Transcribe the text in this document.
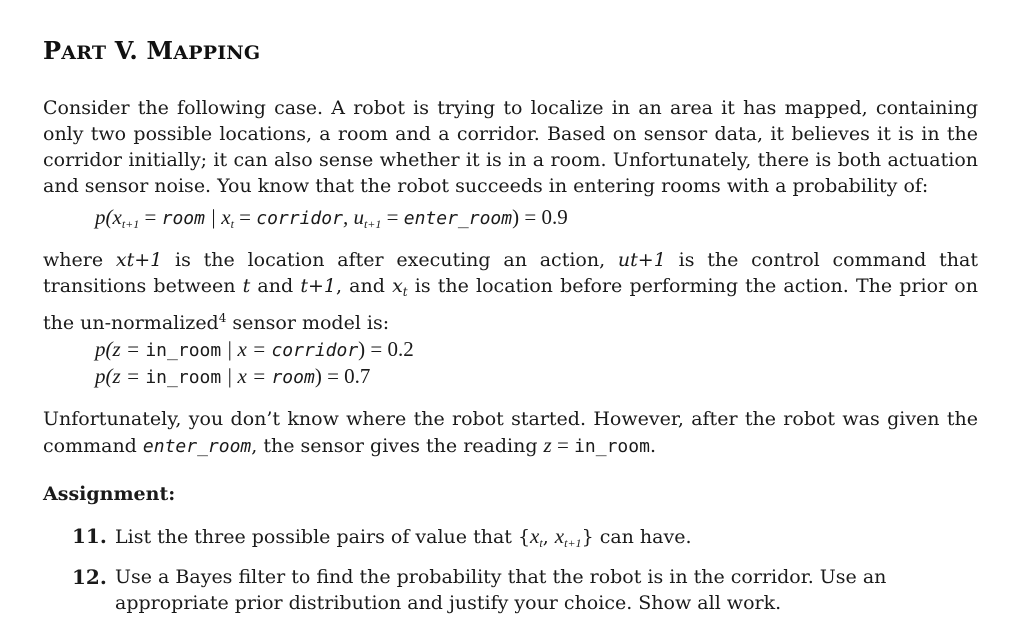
PART V. MAPPING

Consider the following case. A robot is trying to localize in an area it has mapped, containing only two possible locations, a room and a corridor. Based on sensor data, it believes it is in the corridor initially; it can also sense whether it is in a room. Unfortunately, there is both actuation and sensor noise. You know that the robot succeeds in entering rooms with a probability of:

$p(x_{t+1}$ = room | $x_t$ = corridor, $u_{t+1}$ = enter_room) = 0.9

where xt+1 is the location after executing an action, ut+1 is the control command that transitions between t and t+1, and $x_t$ is the location before performing the action. The prior on the un-normalized$^4$ sensor model is:

p(z = in_room | x = corridor) = 0.2
p(z = in_room | x = room) = 0.7

Unfortunately, you don’t know where the robot started. However, after the robot was given the command enter_room, the sensor gives the reading z = in_room.

Assignment:
11. List the three possible pairs of value that {$x_t$, $x_{t+1}$} can have.
12. Use a Bayes filter to find the probability that the robot is in the corridor. Use an appropriate prior distribution and justify your choice. Show all work.
